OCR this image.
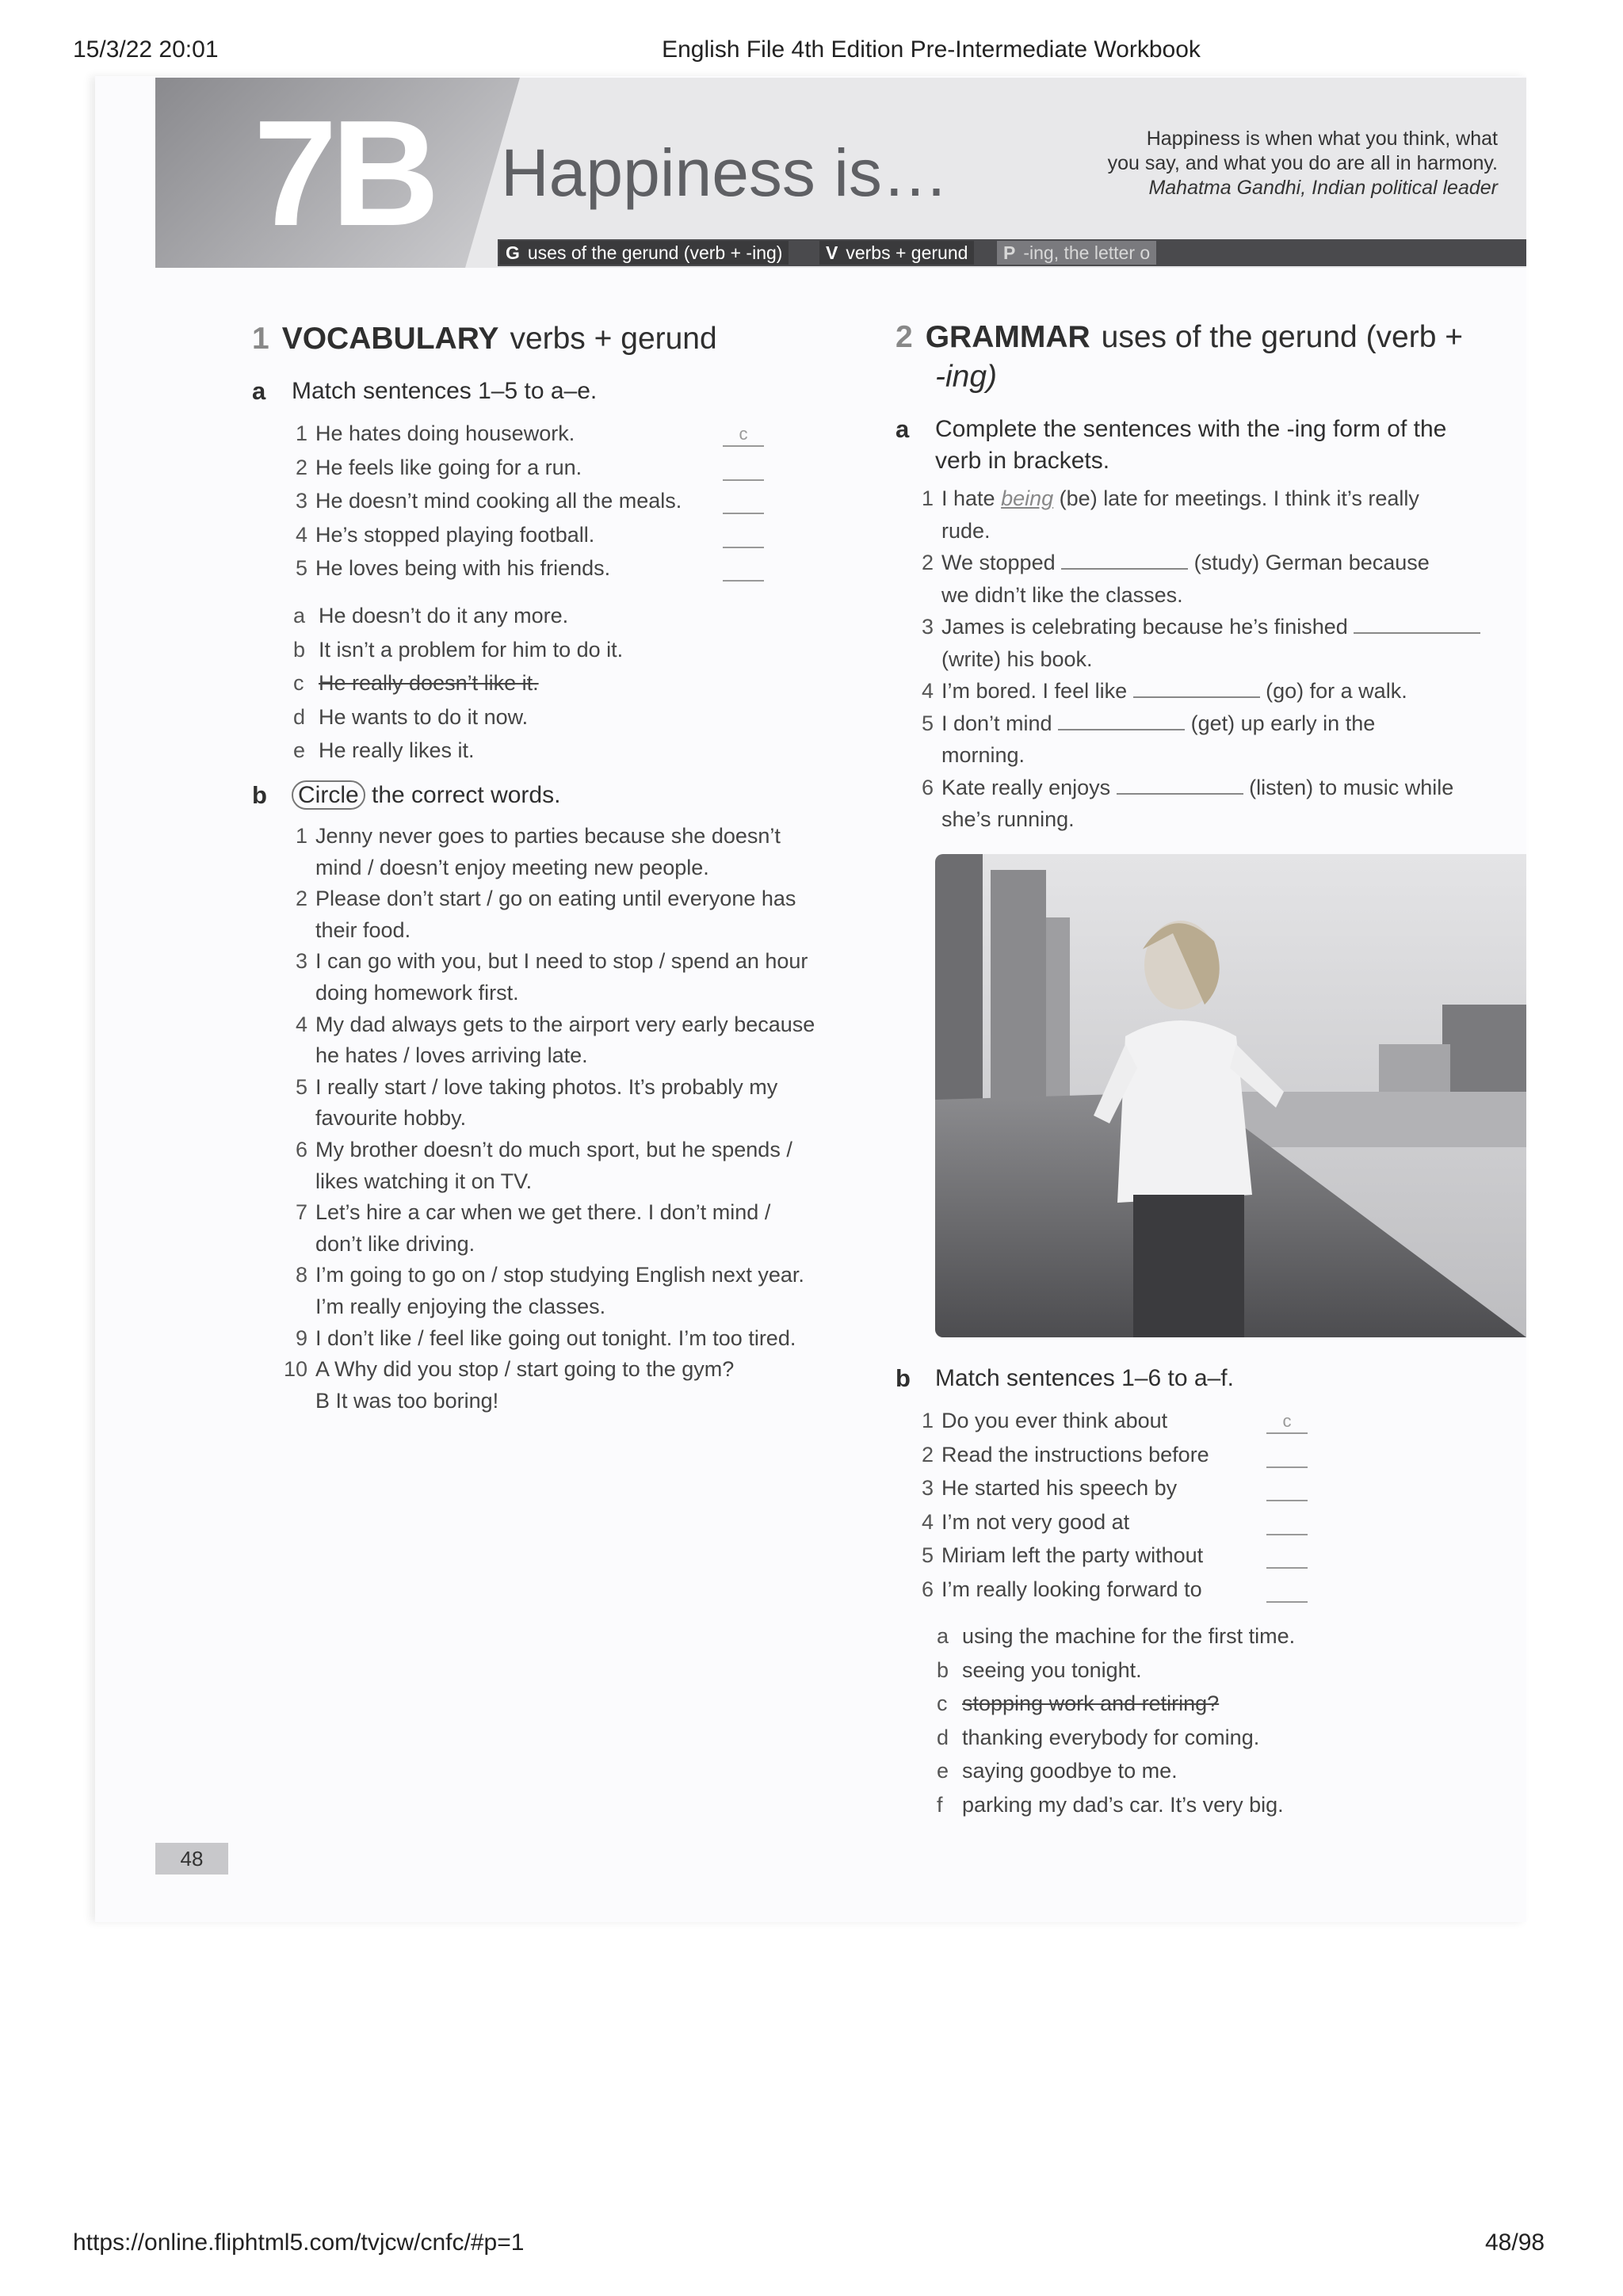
15/3/22 20:01	English File 4th Edition Pre-Intermediate Workbook
https://online.fliphtml5.com/tvjcw/cnfc/#p=1	48/98
7B Happiness is…	Happiness is when what you think, what
you say, and what you do are all in harmony.
Mahatma Gandhi, Indian political leader
G uses of the gerund (verb + -ing)	V verbs + gerund	P -ing, the letter o
1 VOCABULARY verbs + gerund
a Match sentences 1–5 to a–e.
1 He hates doing housework.	c
2 He feels like going for a run.
3 He doesn’t mind cooking all the meals.
4 He’s stopped playing football.
5 He loves being with his friends.
a He doesn’t do it any more.
b It isn’t a problem for him to do it.
c He really doesn’t like it.
d He wants to do it now.
e He really likes it.
b Circle the correct words.
1 Jenny never goes to parties because she doesn’t
mind / doesn’t enjoy meeting new people.
2 Please don’t start / go on eating until everyone has
their food.
3 I can go with you, but I need to stop / spend an hour
doing homework first.
4 My dad always gets to the airport very early because
he hates / loves arriving late.
5 I really start / love taking photos. It’s probably my
favourite hobby.
6 My brother doesn’t do much sport, but he spends /
likes watching it on TV.
7 Let’s hire a car when we get there. I don’t mind /
don’t like driving.
8 I’m going to go on / stop studying English next year.
I’m really enjoying the classes.
9 I don’t like / feel like going out tonight. I’m too tired.
10 A Why did you stop / start going to the gym?
B It was too boring!
2 GRAMMAR uses of the gerund (verb +
-ing)
a Complete the sentences with the -ing form of the
verb in brackets.
1 I hate being (be) late for meetings. I think it’s really
rude.
2 We stopped	(study) German because
we didn’t like the classes.
3 James is celebrating because he’s finished
(write) his book.
4 I’m bored. I feel like	(go) for a walk.
5 I don’t mind	(get) up early in the
morning.
6 Kate really enjoys	(listen) to music while
she’s running.
b Match sentences 1–6 to a–f.
1 Do you ever think about	c
2 Read the instructions before
3 He started his speech by
4 I’m not very good at
5 Miriam left the party without
6 I’m really looking forward to
a using the machine for the first time.
b seeing you tonight.
c stopping work and retiring?
d thanking everybody for coming.
e saying goodbye to me.
f parking my dad’s car. It’s very big.
48
